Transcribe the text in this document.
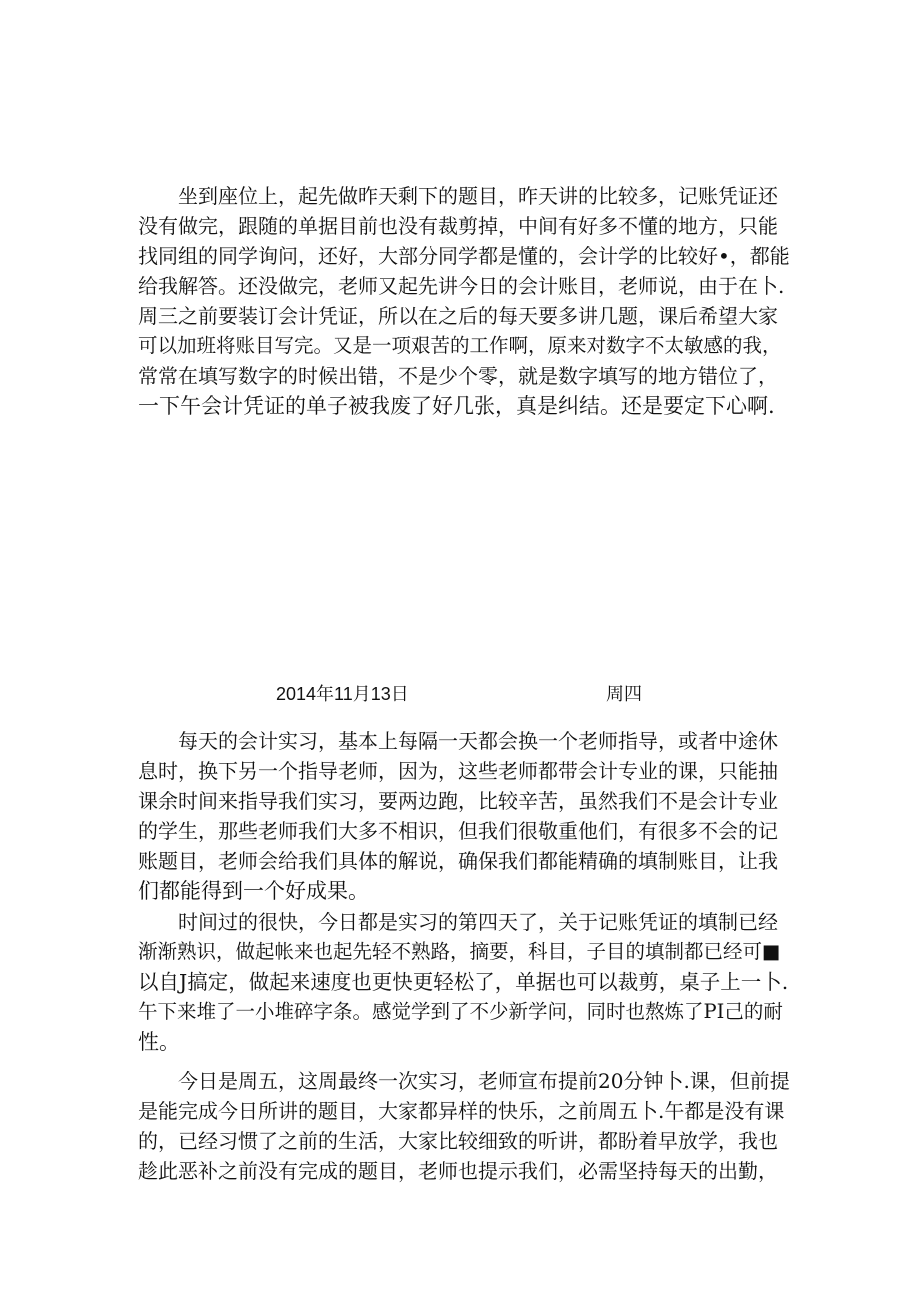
　　坐到座位上，起先做昨天剩下的题目，昨天讲的比较多，记账凭证还

没有做完，跟随的单据目前也没有裁剪掉，中间有好多不懂的地方，只能

找同组的同学询问，还好，大部分同学都是懂的，会计学的比较好•，都能

给我解答。还没做完，老师又起先讲今日的会计账目，老师说，由于在卜.

周三之前要装订会计凭证，所以在之后的每天要多讲几题，课后希望大家

可以加班将账目写完。又是一项艰苦的工作啊，原来对数字不太敏感的我，

常常在填写数字的时候出错，不是少个零，就是数字填写的地方错位了，

一下午会计凭证的单子被我废了好几张，真是纠结。还是要定下心啊.

2014年11月13日	周四

　　每天的会计实习，基本上每隔一天都会换一个老师指导，或者中途休

息时，换下另一个指导老师，因为，这些老师都带会计专业的课，只能抽

课余时间来指导我们实习，要两边跑，比较辛苦，虽然我们不是会计专业

的学生，那些老师我们大多不相识，但我们很敬重他们，有很多不会的记

账题目，老师会给我们具体的解说，确保我们都能精确的填制账目，让我

们都能得到一个好成果。

　　时间过的很快，今日都是实习的第四天了，关于记账凭证的填制已经

渐渐熟识，做起帐来也起先轻不熟路，摘要，科目，子目的填制都已经可■

以自J搞定，做起来速度也更快更轻松了，单据也可以裁剪，桌子上一卜.

午下来堆了一小堆碎字条。感觉学到了不少新学问，同时也熬炼了PI己的耐

性。

　　今日是周五，这周最终一次实习，老师宣布提前20分钟卜.课，但前提

是能完成今日所讲的题目，大家都异样的快乐，之前周五卜.午都是没有课

的，已经习惯了之前的生活，大家比较细致的听讲，都盼着早放学，我也

趁此恶补之前没有完成的题目，老师也提示我们，必需坚持每天的出勤，
